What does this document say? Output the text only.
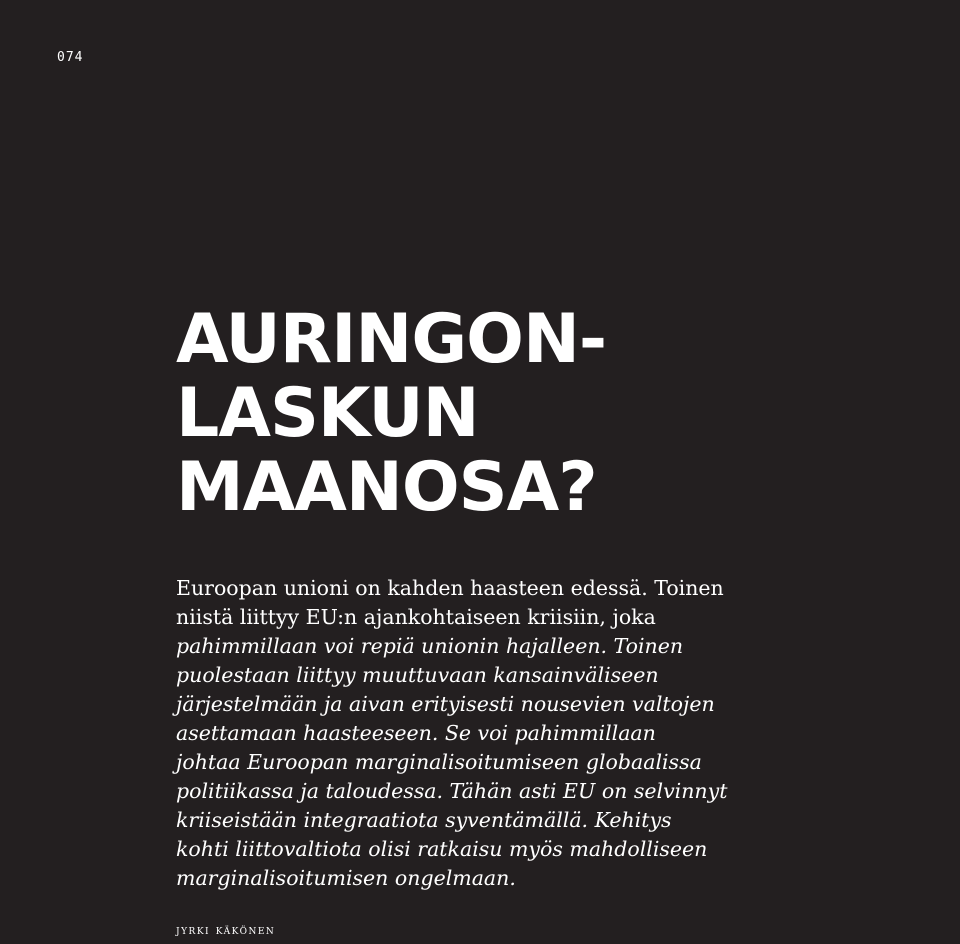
074
AURINGON-
LASKUN
MAANOSA?

Euroopan unioni on kahden haasteen edessä. Toinen
niistä liittyy EU:n ajankohtaiseen kriisiin, joka
pahimmillaan voi repiä unionin hajalleen. Toinen
puolestaan liittyy muuttuvaan kansainväliseen
järjestelmään ja aivan erityisesti nousevien valtojen
asettamaan haasteeseen. Se voi pahimmillaan
johtaa Euroopan marginalisoitumiseen globaalissa
politiikassa ja taloudessa. Tähän asti EU on selvinnyt
kriiseistään integraatiota syventämällä. Kehitys
kohti liittovaltiota olisi ratkaisu myös mahdolliseen
marginalisoitumisen ongelmaan.

jyrki käkönen
